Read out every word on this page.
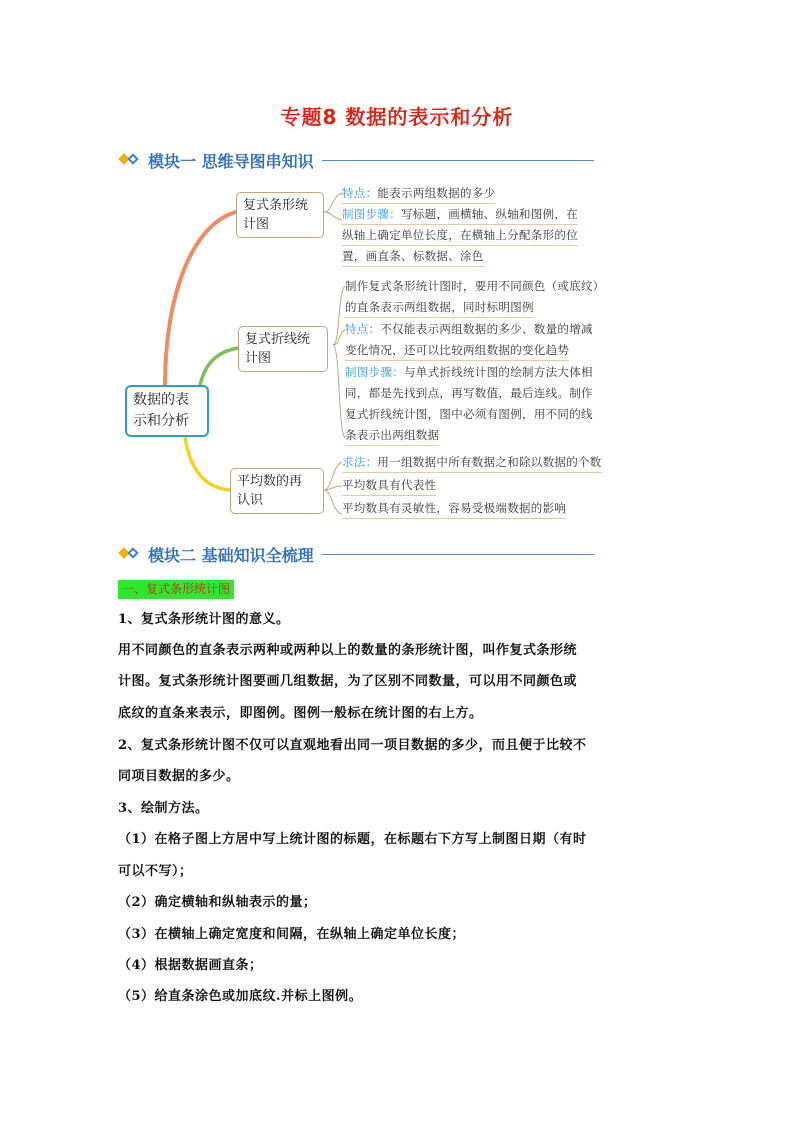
专题8 数据的表示和分析
模块一 思维导图串知识
数据的表
示和分析
复式条形统
计图
复式折线统
计图
平均数的再
认识
特点：能表示两组数据的多少
制图步骤：写标题，画横轴、纵轴和图例，在
纵轴上确定单位长度，在横轴上分配条形的位
置，画直条、标数据、涂色
制作复式条形统计图时，要用不同颜色（或底纹）
的直条表示两组数据，同时标明图例
特点：不仅能表示两组数据的多少、数量的增减
变化情况，还可以比较两组数据的变化趋势
制图步骤：与单式折线统计图的绘制方法大体相
同，都是先找到点，再写数值，最后连线。制作
复式折线统计图，图中必须有图例，用不同的线
条表示出两组数据
求法：用一组数据中所有数据之和除以数据的个数
平均数具有代表性
平均数具有灵敏性，容易受极端数据的影响
模块二 基础知识全梳理
一、复式条形统计图
1、复式条形统计图的意义。
用不同颜色的直条表示两种或两种以上的数量的条形统计图，叫作复式条形统
计图。复式条形统计图要画几组数据，为了区别不同数量，可以用不同颜色或
底纹的直条来表示，即图例。图例一般标在统计图的右上方。
2、复式条形统计图不仅可以直观地看出同一项目数据的多少，而且便于比较不
同项目数据的多少。
3、绘制方法。
（1）在格子图上方居中写上统计图的标题，在标题右下方写上制图日期（有时
可以不写）；
（2）确定横轴和纵轴表示的量；
（3）在横轴上确定宽度和间隔，在纵轴上确定单位长度；
（4）根据数据画直条；
（5）给直条涂色或加底纹.并标上图例。
